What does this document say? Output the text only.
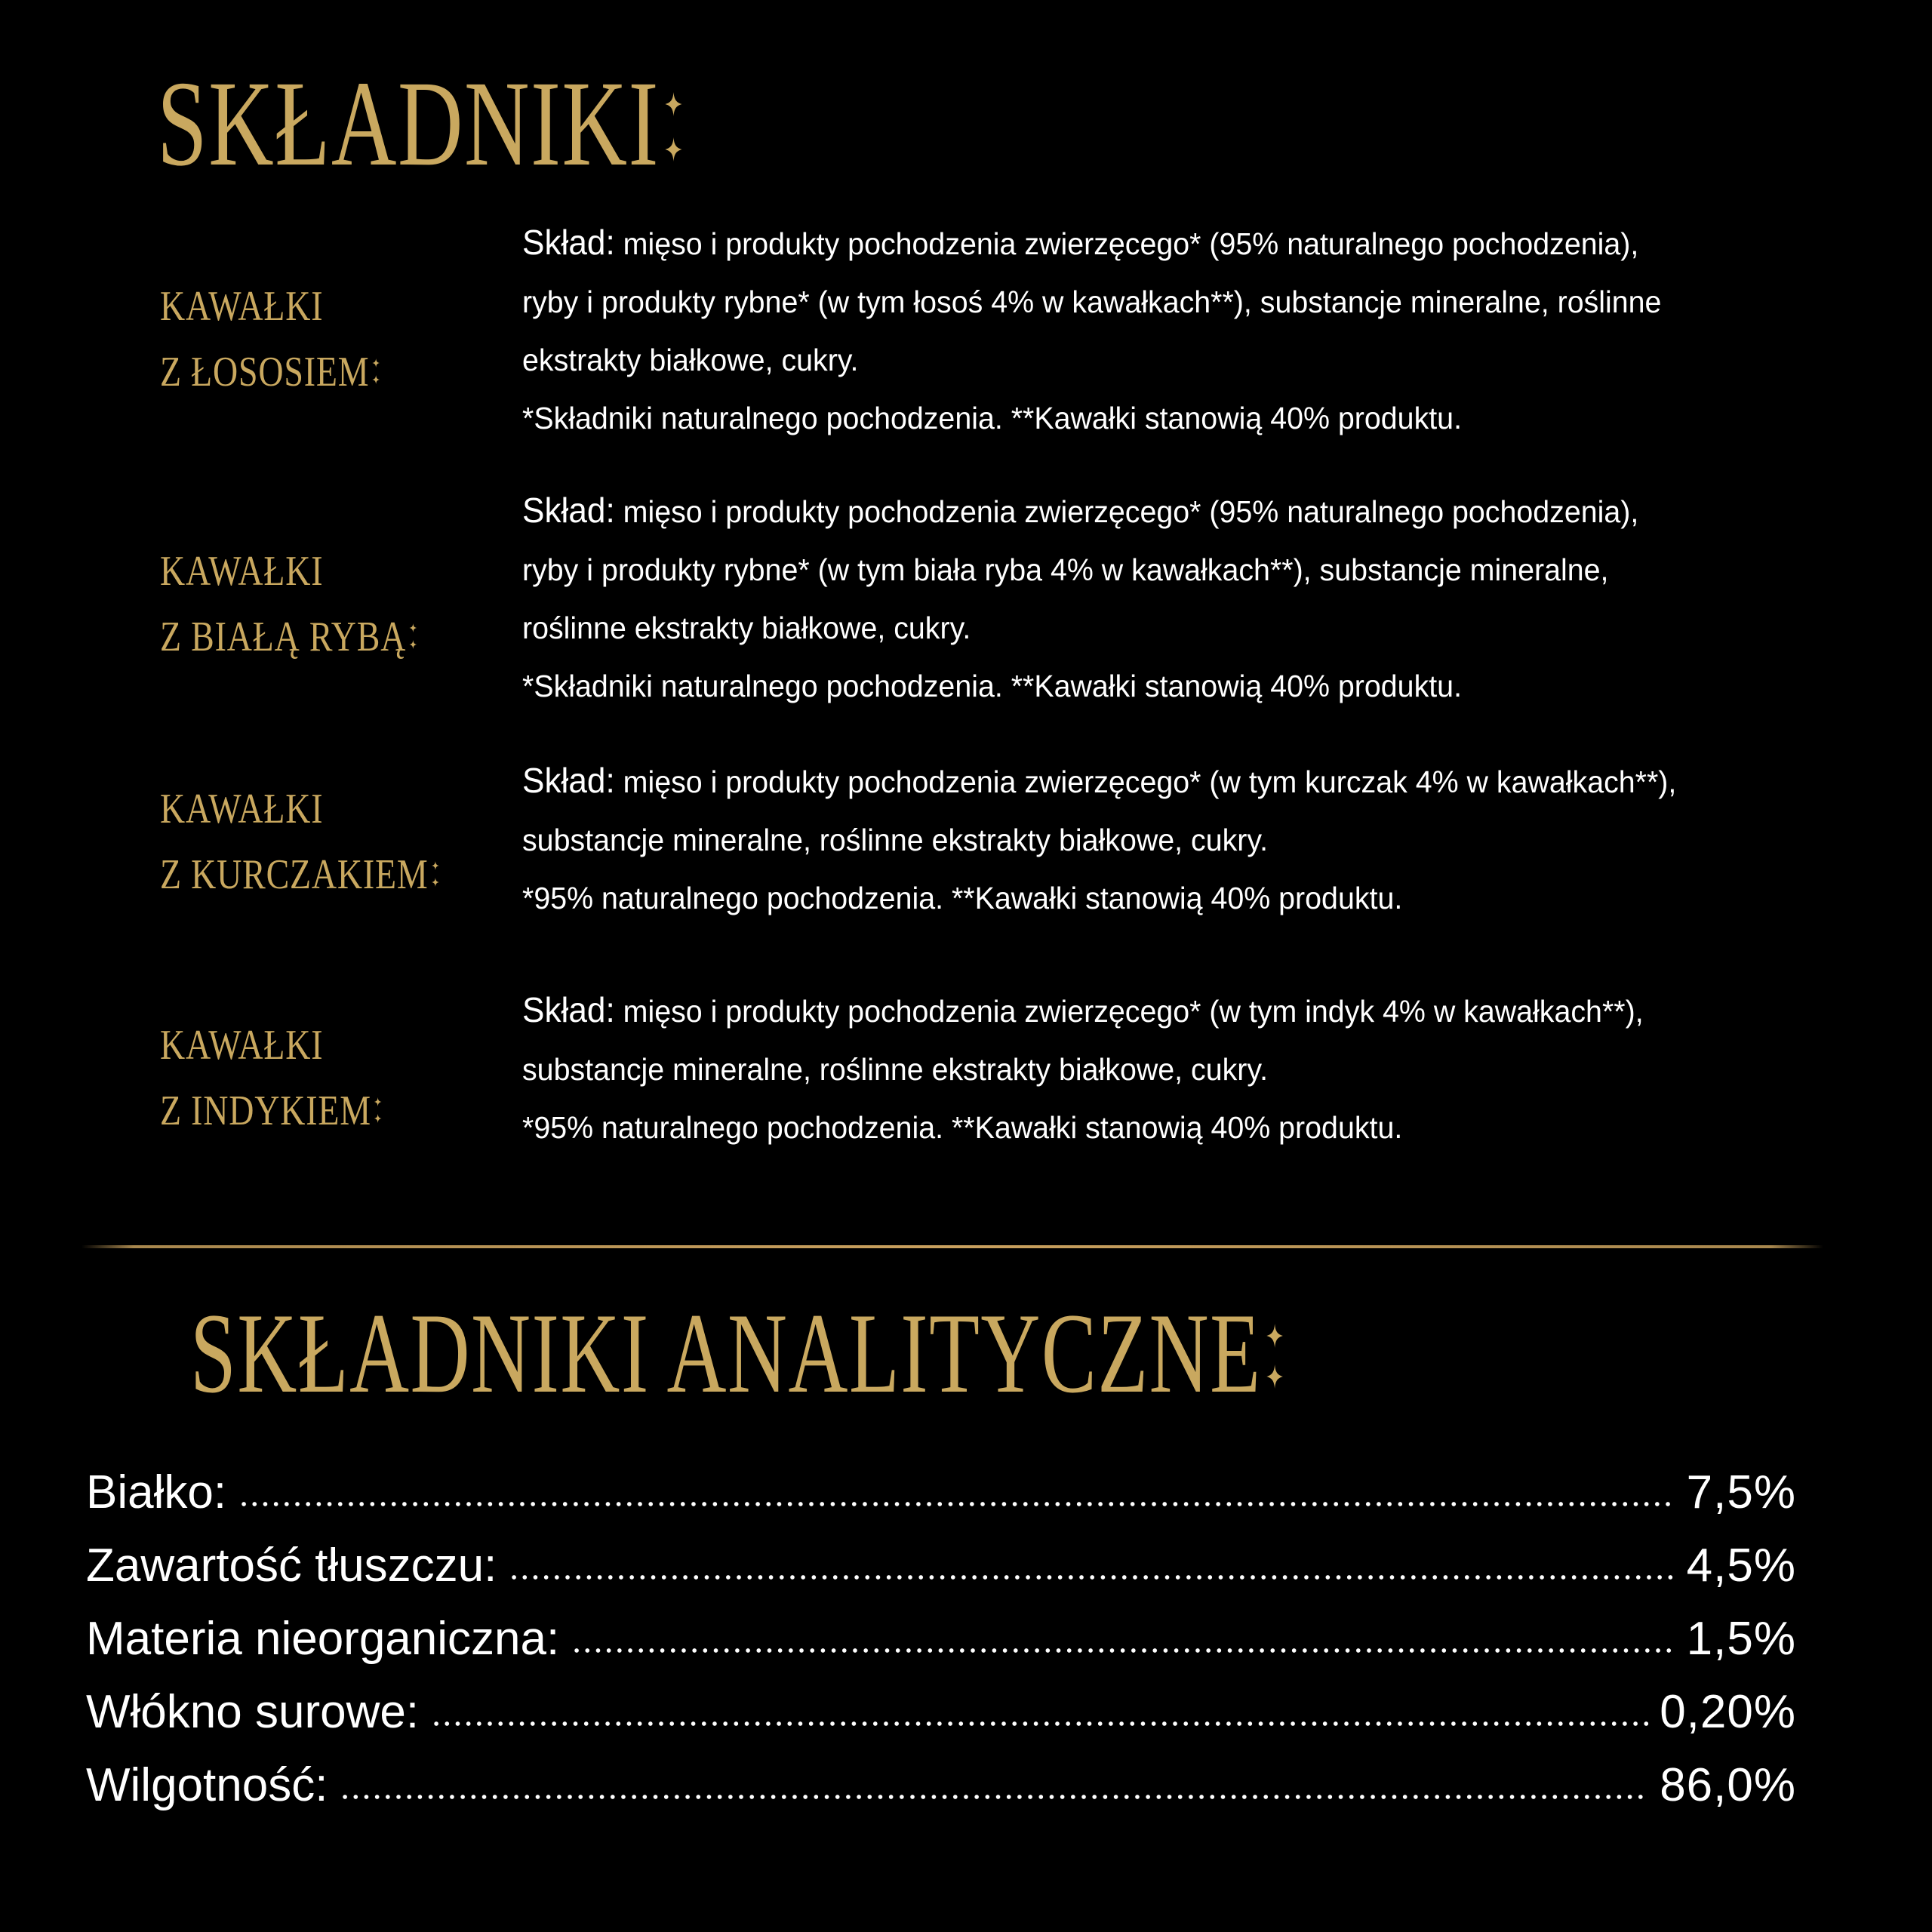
SKŁADNIKI
KAWAŁKI
Z ŁOSOSIEM
Skład: mięso i produkty pochodzenia zwierzęcego* (95% naturalnego pochodzenia),
ryby i produkty rybne* (w tym łosoś 4% w kawałkach**), substancje mineralne, roślinne
ekstrakty białkowe, cukry.
*Składniki naturalnego pochodzenia. **Kawałki stanowią 40% produktu.
KAWAŁKI
Z BIAŁĄ RYBĄ
Skład: mięso i produkty pochodzenia zwierzęcego* (95% naturalnego pochodzenia),
ryby i produkty rybne* (w tym biała ryba 4% w kawałkach**), substancje mineralne,
roślinne ekstrakty białkowe, cukry.
*Składniki naturalnego pochodzenia. **Kawałki stanowią 40% produktu.
KAWAŁKI
Z KURCZAKIEM
Skład: mięso i produkty pochodzenia zwierzęcego* (w tym kurczak 4% w kawałkach**),
substancje mineralne, roślinne ekstrakty białkowe, cukry.
*95% naturalnego pochodzenia. **Kawałki stanowią 40% produktu.
KAWAŁKI
Z INDYKIEM
Skład: mięso i produkty pochodzenia zwierzęcego* (w tym indyk 4% w kawałkach**),
substancje mineralne, roślinne ekstrakty białkowe, cukry.
*95% naturalnego pochodzenia. **Kawałki stanowią 40% produktu.
SKŁADNIKI ANALITYCZNE
Białko:	7,5%
Zawartość tłuszczu:	4,5%
Materia nieorganiczna:	1,5%
Włókno surowe:	0,20%
Wilgotność:	86,0%
